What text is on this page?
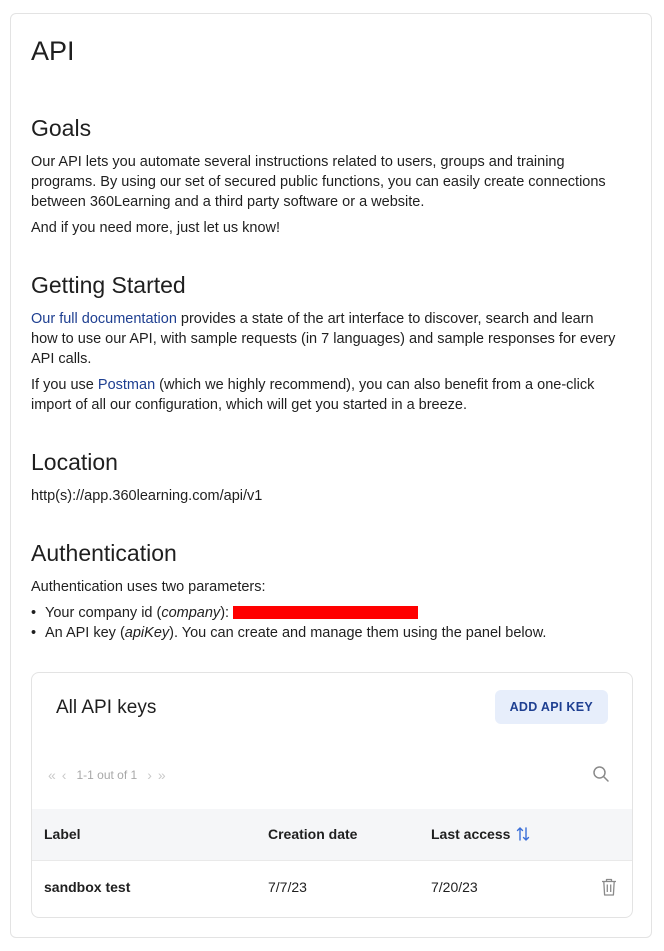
API
Goals

Our API lets you automate several instructions related to users, groups and training

programs. By using our set of secured public functions, you can easily create connections

between 360Learning and a third party software or a website.

And if you need more, just let us know!

Getting Started

Our full documentation provides a state of the art interface to discover, search and learn

how to use our API, with sample requests (in 7 languages) and sample responses for every

API calls.

If you use Postman (which we highly recommend), you can also benefit from a one-click

import of all our configuration, which will get you started in a breeze.

Location

http(s)://app.360learning.com/api/v1

Authentication

Authentication uses two parameters:

• Your company id (company):

• An API key (apiKey). You can create and manage them using the panel below.

All API keys	ADD API KEY
« ‹ 1-1 out of 1 › »
Label	Creation date	Last access
sandbox test	7/7/23	7/20/23
